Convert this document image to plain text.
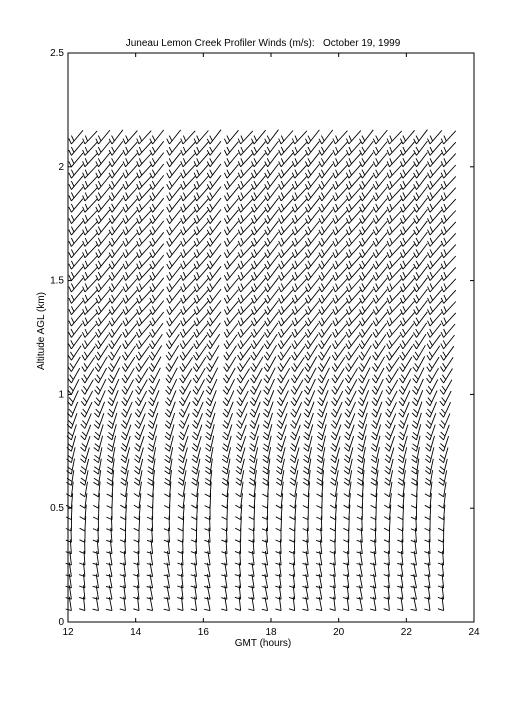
12	14	16	18	20	22	24
0
0.5
1
1.5
2
2.5
Juneau Lemon Creek Profiler Winds (m/s):   October 19, 1999
GMT (hours)
Altitude AGL (km)
